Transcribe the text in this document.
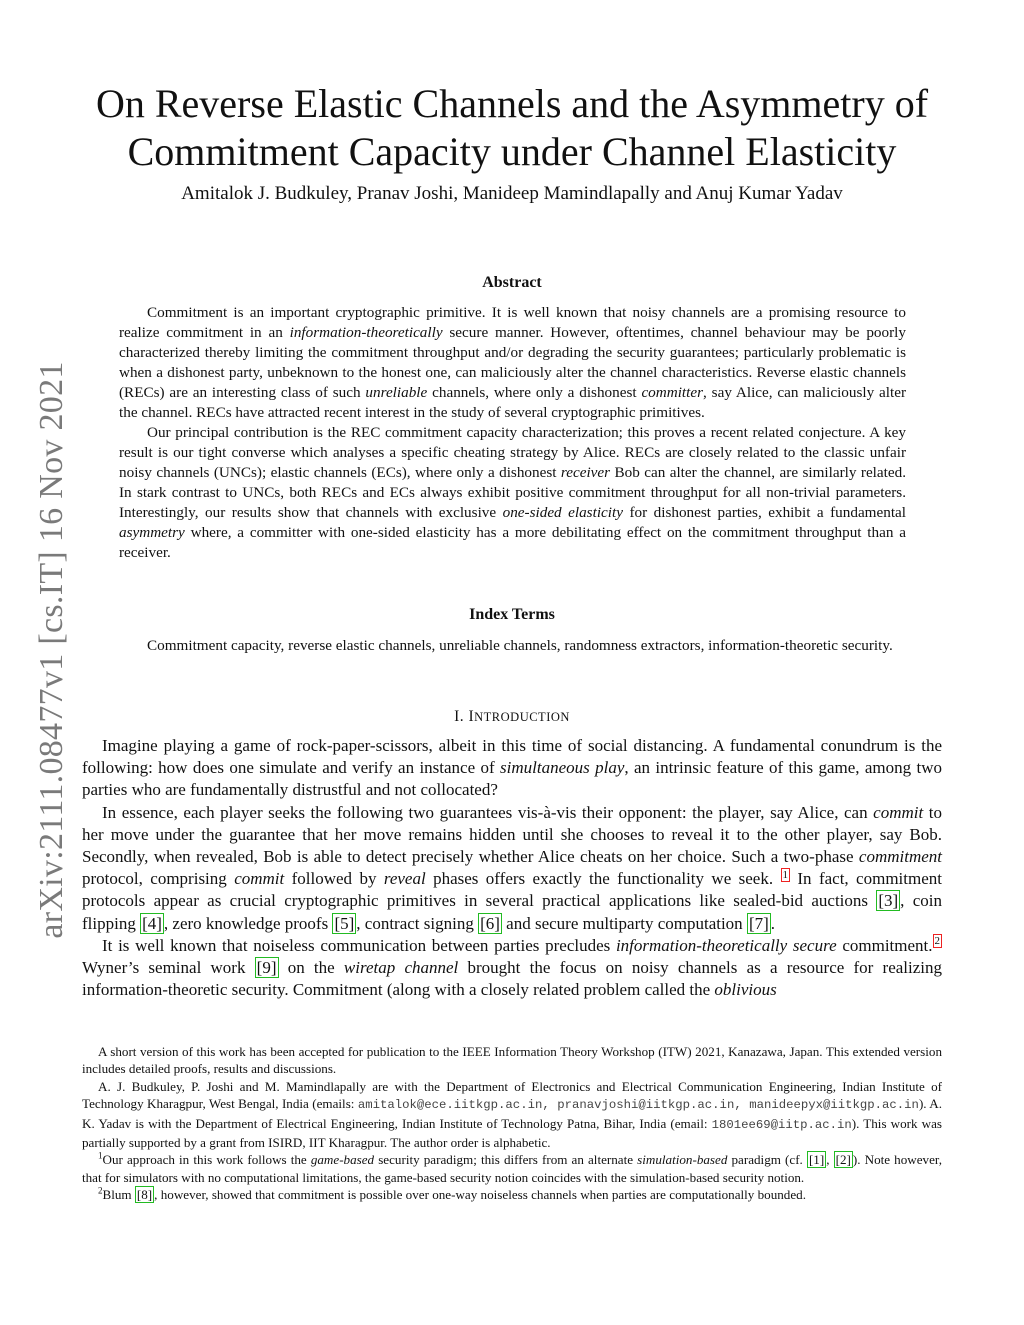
arXiv:2111.08477v1 [cs.IT] 16 Nov 2021
On Reverse Elastic Channels and the Asymmetry of
Commitment Capacity under Channel Elasticity
Amitalok J. Budkuley, Pranav Joshi, Manideep Mamindlapally and Anuj Kumar Yadav
Abstract

Commitment is an important cryptographic primitive. It is well known that noisy channels are a promising resource to realize commitment in an information-theoretically secure manner. However, oftentimes, channel behaviour may be poorly characterized thereby limiting the commitment throughput and/or degrading the security guarantees; particularly problematic is when a dishonest party, unbeknown to the honest one, can maliciously alter the channel characteristics. Reverse elastic channels (RECs) are an interesting class of such unreliable channels, where only a dishonest committer, say Alice, can maliciously alter the channel. RECs have attracted recent interest in the study of several cryptographic primitives.

Our principal contribution is the REC commitment capacity characterization; this proves a recent related conjecture. A key result is our tight converse which analyses a specific cheating strategy by Alice. RECs are closely related to the classic unfair noisy channels (UNCs); elastic channels (ECs), where only a dishonest receiver Bob can alter the channel, are similarly related. In stark contrast to UNCs, both RECs and ECs always exhibit positive commitment throughput for all non-trivial parameters. Interestingly, our results show that channels with exclusive one-sided elasticity for dishonest parties, exhibit a fundamental asymmetry where, a committer with one-sided elasticity has a more debilitating effect on the commitment throughput than a receiver.

Index Terms

Commitment capacity, reverse elastic channels, unreliable channels, randomness extractors, information-theoretic security.

I. INTRODUCTION

Imagine playing a game of rock-paper-scissors, albeit in this time of social distancing. A fundamental conundrum is the following: how does one simulate and verify an instance of simultaneous play, an intrinsic feature of this game, among two parties who are fundamentally distrustful and not collocated?

In essence, each player seeks the following two guarantees vis-à-vis their opponent: the player, say Alice, can commit to her move under the guarantee that her move remains hidden until she chooses to reveal it to the other player, say Bob. Secondly, when revealed, Bob is able to detect precisely whether Alice cheats on her choice. Such a two-phase commitment protocol, comprising commit followed by reveal phases offers exactly the functionality we seek. $^1$ In fact, commitment protocols appear as crucial cryptographic primitives in several practical applications like sealed-bid auctions [3] , coin flipping [4] , zero knowledge proofs [5] , contract signing [6] and secure multiparty computation [7] .

It is well known that noiseless communication between parties precludes information-theoretically secure commitment. $^2$ Wyner’s seminal work [9] on the wiretap channel brought the focus on noisy channels as a resource for realizing information-theoretic security. Commitment (along with a closely related problem called the oblivious

A short version of this work has been accepted for publication to the IEEE Information Theory Workshop (ITW) 2021, Kanazawa, Japan. This extended version includes detailed proofs, results and discussions.

A. J. Budkuley, P. Joshi and M. Mamindlapally are with the Department of Electronics and Electrical Communication Engineering, Indian Institute of Technology Kharagpur, West Bengal, India (emails: amitalok@ece.iitkgp.ac.in, pranavjoshi@iitkgp.ac.in, manideepyx@iitkgp.ac.in). A. K. Yadav is with the Department of Electrical Engineering, Indian Institute of Technology Patna, Bihar, India (email: 1801ee69@iitp.ac.in). This work was partially supported by a grant from ISIRD, IIT Kharagpur. The author order is alphabetic.

$^1$Our approach in this work follows the game-based security paradigm; this differs from an alternate simulation-based paradigm (cf. [1] , [2] ). Note however, that for simulators with no computational limitations, the game-based security notion coincides with the simulation-based security notion.

$^2$Blum [8] , however, showed that commitment is possible over one-way noiseless channels when parties are computationally bounded.
